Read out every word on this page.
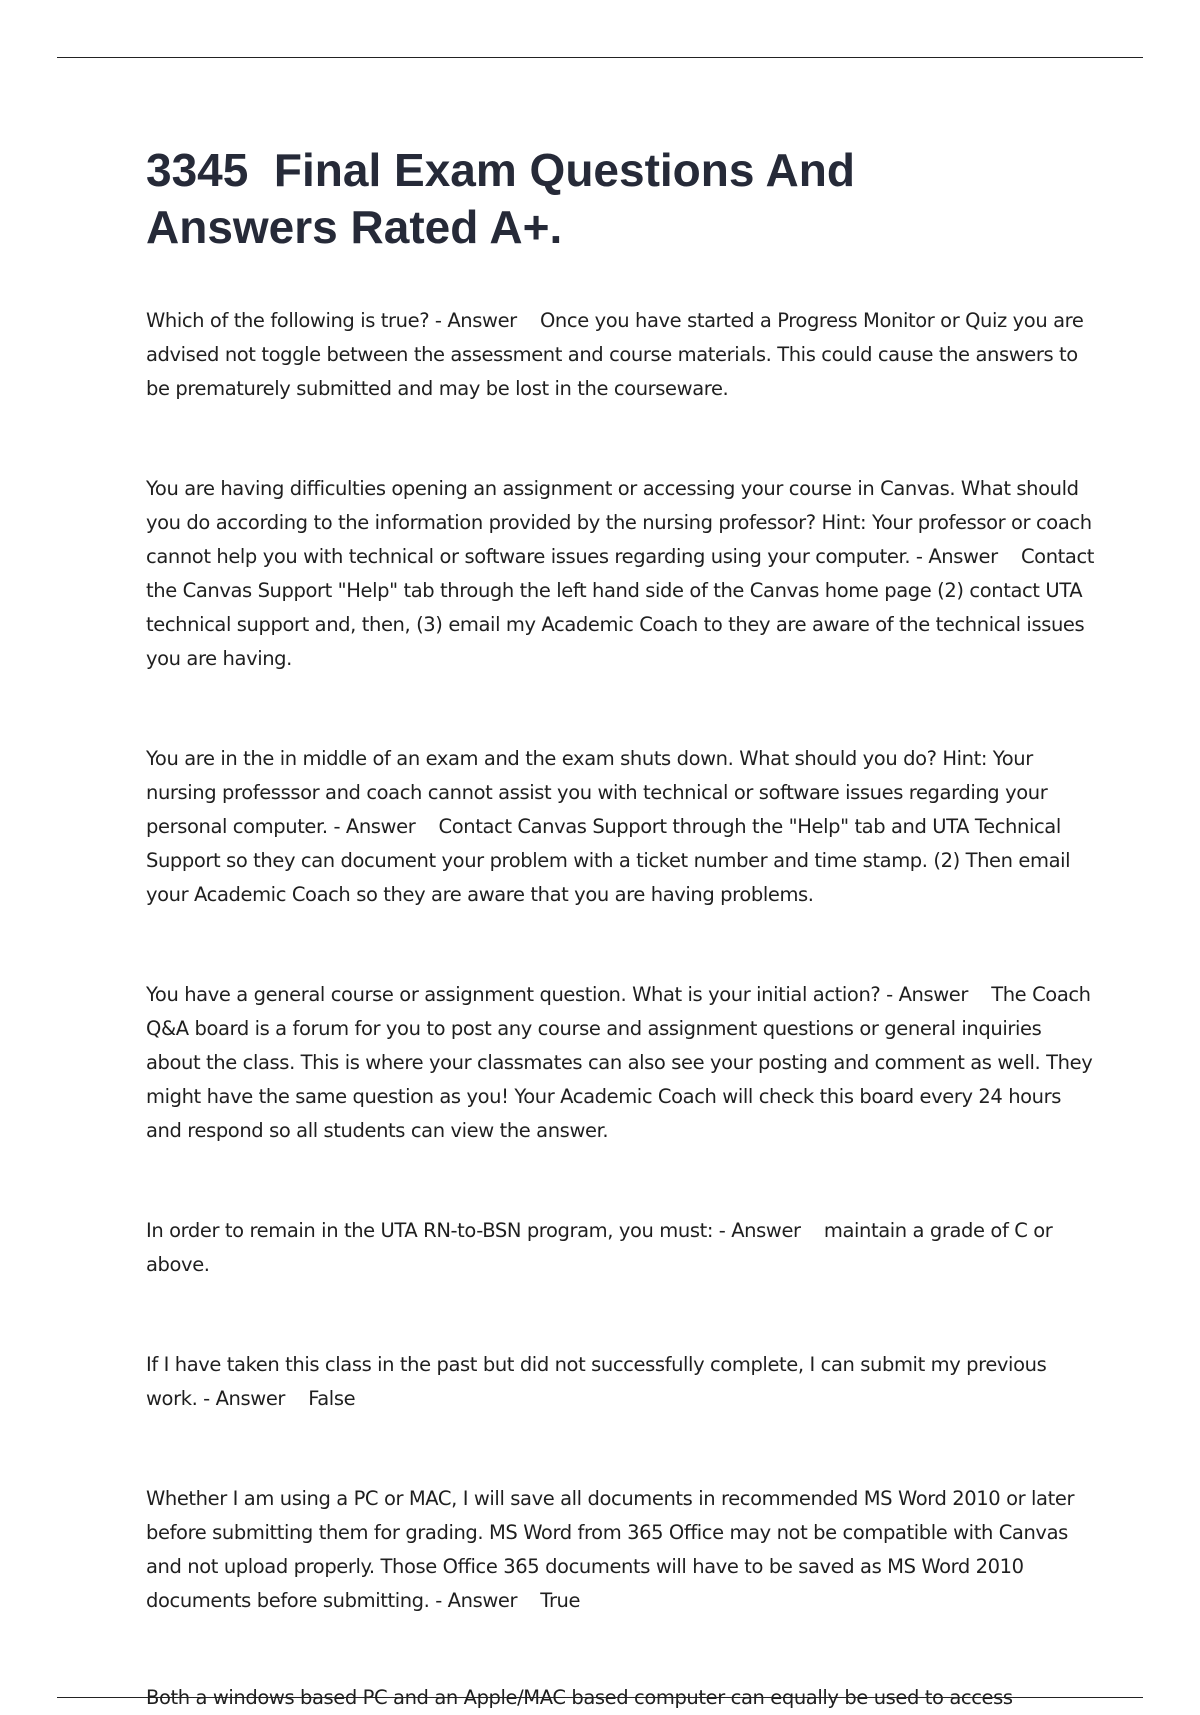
3345  Final Exam Questions And Answers Rated A+.

Which of the following is true? - Answer    Once you have started a Progress Monitor or Quiz you are advised not toggle between the assessment and course materials. This could cause the answers to be prematurely submitted and may be lost in the courseware.

You are having difficulties opening an assignment or accessing your course in Canvas. What should you do according to the information provided by the nursing professor? Hint: Your professor or coach cannot help you with technical or software issues regarding using your computer. - Answer    Contact the Canvas Support "Help" tab through the left hand side of the Canvas home page (2) contact UTA technical support and, then, (3) email my Academic Coach to they are aware of the technical issues you are having.

You are in the in middle of an exam and the exam shuts down. What should you do? Hint: Your nursing professsor and coach cannot assist you with technical or software issues regarding your personal computer. - Answer    Contact Canvas Support through the "Help" tab and UTA Technical Support so they can document your problem with a ticket number and time stamp. (2) Then email your Academic Coach so they are aware that you are having problems.

You have a general course or assignment question. What is your initial action? - Answer    The Coach Q&A board is a forum for you to post any course and assignment questions or general inquiries about the class. This is where your classmates can also see your posting and comment as well. They might have the same question as you! Your Academic Coach will check this board every 24 hours and respond so all students can view the answer.

In order to remain in the UTA RN-to-BSN program, you must: - Answer    maintain a grade of C or above.

If I have taken this class in the past but did not successfully complete, I can submit my previous work. - Answer    False

Whether I am using a PC or MAC, I will save all documents in recommended MS Word 2010 or later before submitting them for grading. MS Word from 365 Office may not be compatible with Canvas and not upload properly. Those Office 365 documents will have to be saved as MS Word 2010 documents before submitting. - Answer    True

Both a windows based PC and an Apple/MAC based computer can equally be used to access
